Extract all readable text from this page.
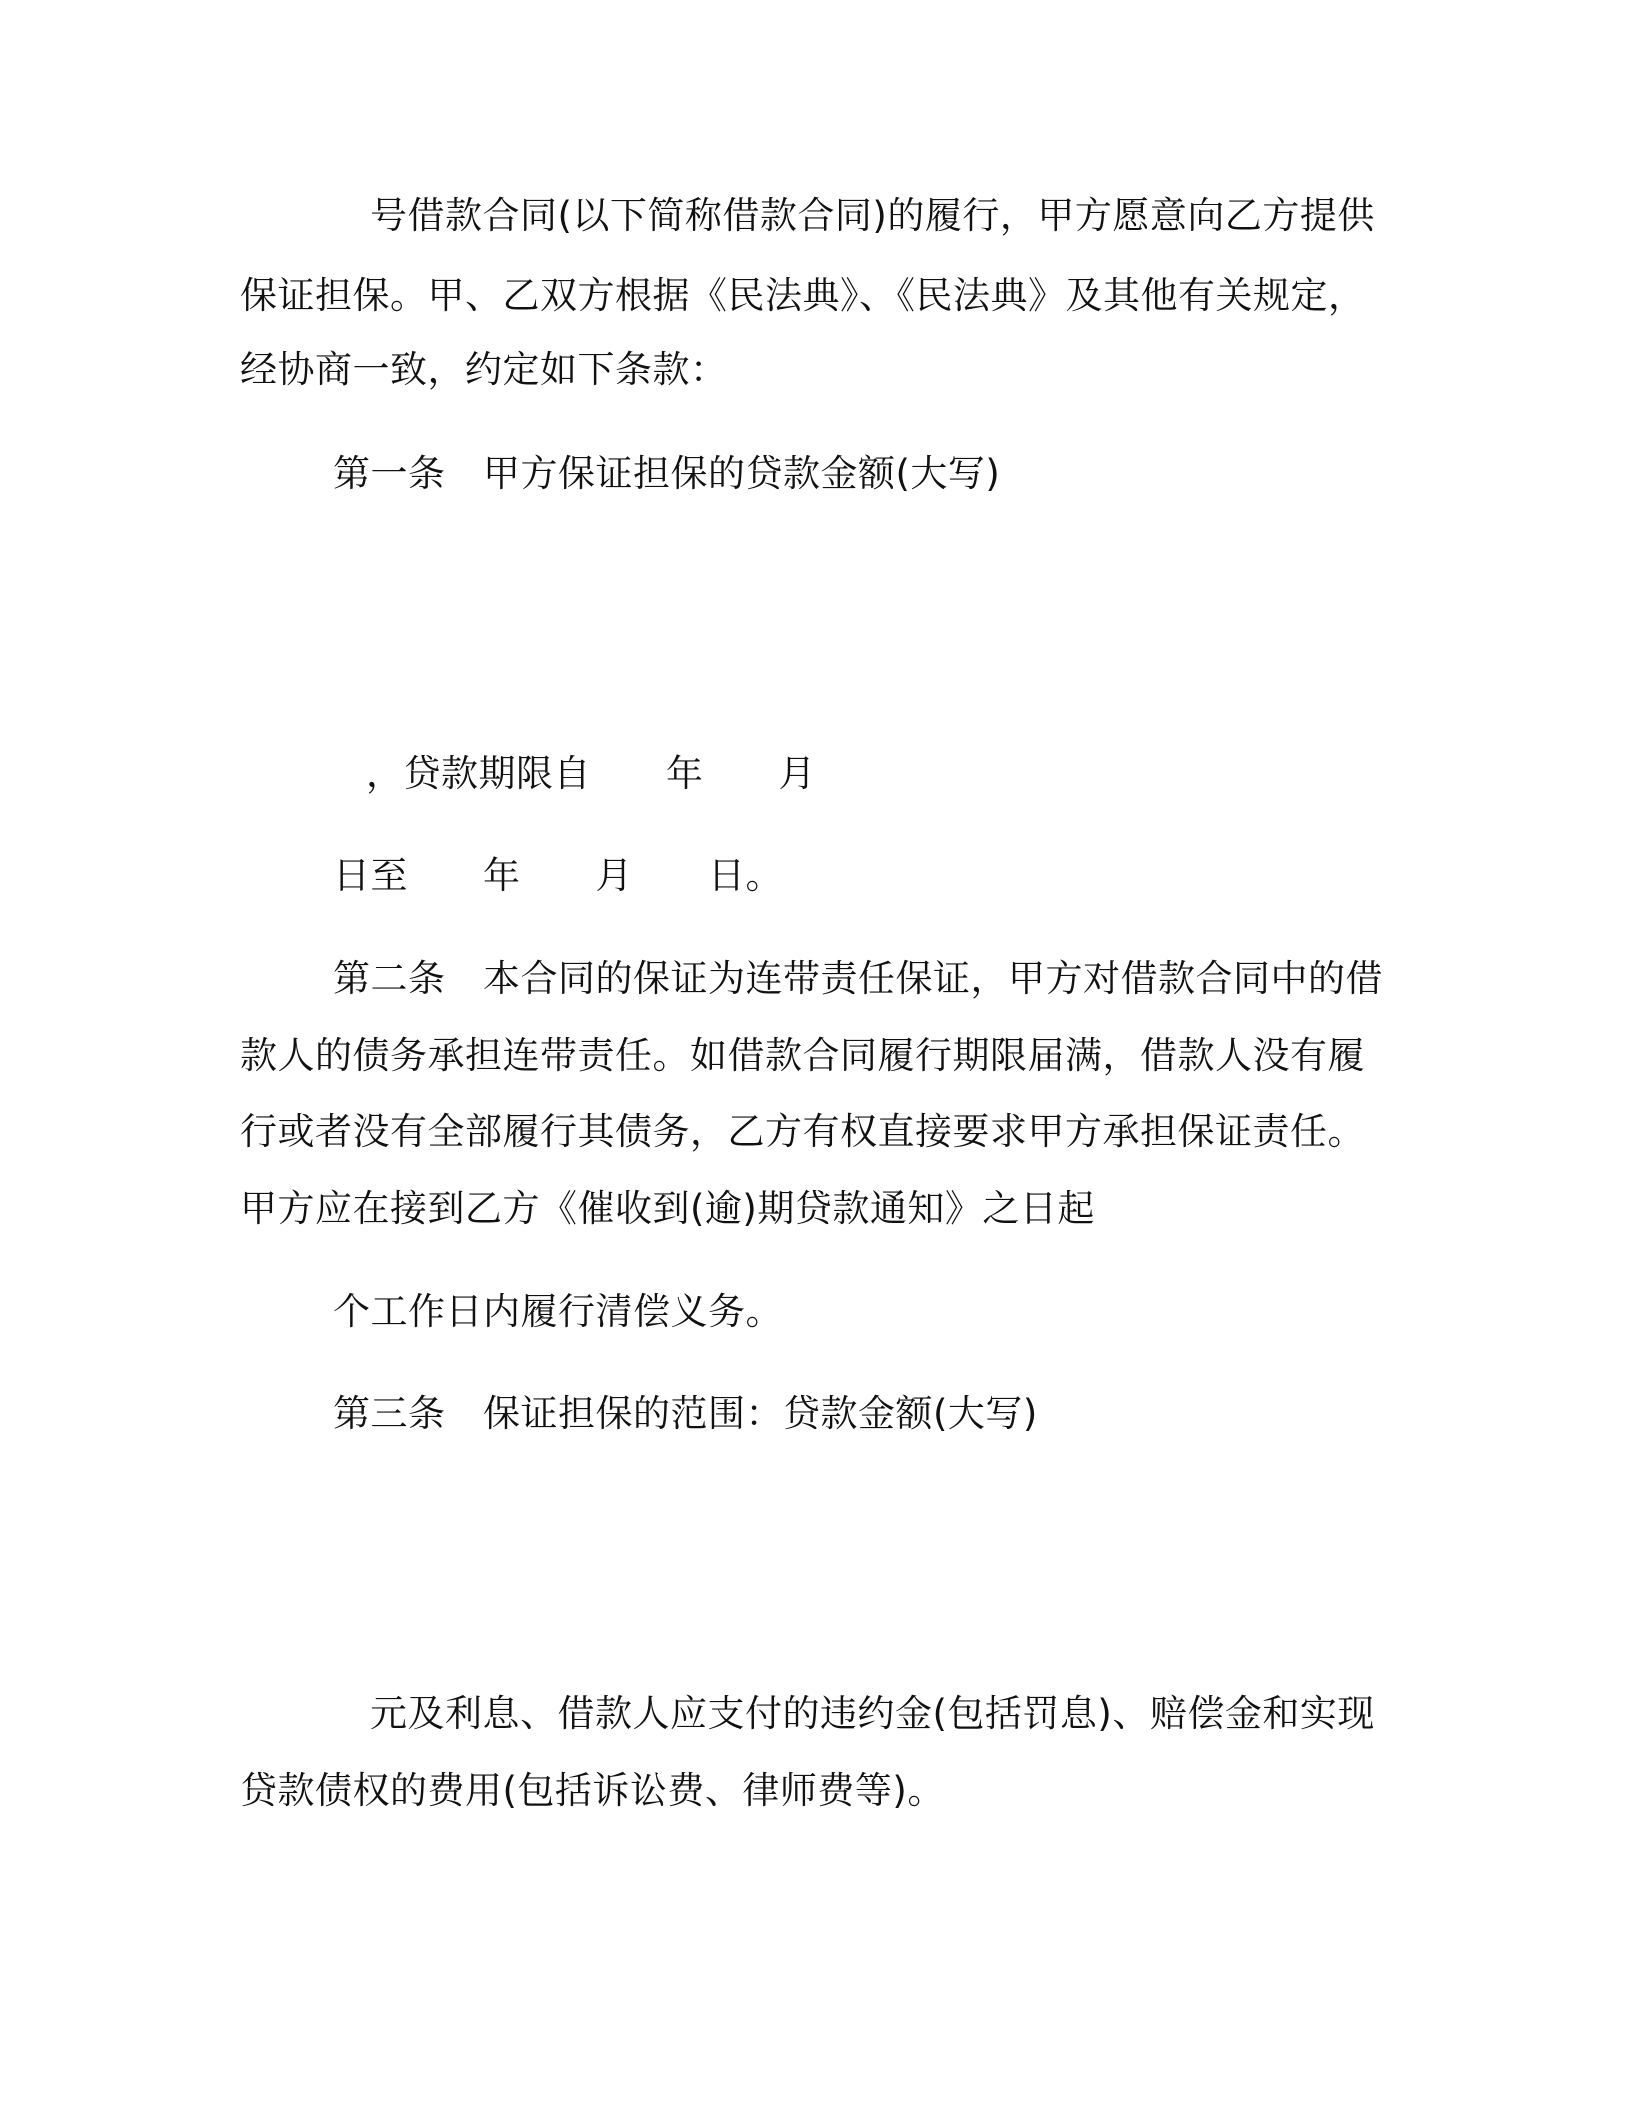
号借款合同(以下简称借款合同)的履行，甲方愿意向乙方提供
保证担保。甲、乙双方根据《民法典》、《民法典》及其他有关规定，
经协商一致，约定如下条款：
第一条　甲方保证担保的贷款金额(大写)
，贷款期限自　　年　　月
日至　　年　　月　　日。
第二条　本合同的保证为连带责任保证，甲方对借款合同中的借
款人的债务承担连带责任。如借款合同履行期限届满，借款人没有履
行或者没有全部履行其债务，乙方有权直接要求甲方承担保证责任。
甲方应在接到乙方《催收到(逾)期贷款通知》之日起
个工作日内履行清偿义务。
第三条　保证担保的范围：贷款金额(大写)
元及利息、借款人应支付的违约金(包括罚息)、赔偿金和实现
贷款债权的费用(包括诉讼费、律师费等)。
